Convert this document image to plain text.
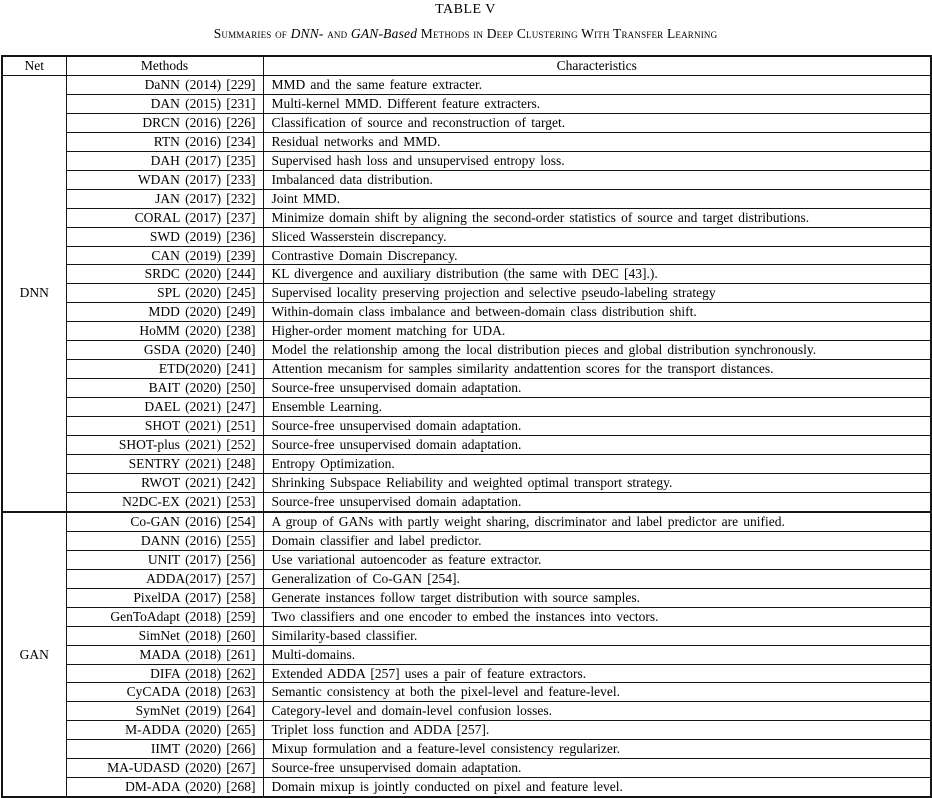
TABLE V
Summaries of DNN- and GAN-Based Methods in Deep Clustering With Transfer Learning
Net	Methods	Characteristics
DNN	DaNN (2014) [229]	MMD and the same feature extracter.
	DAN (2015) [231]	Multi-kernel MMD. Different feature extracters.
	DRCN (2016) [226]	Classification of source and reconstruction of target.
	RTN (2016) [234]	Residual networks and MMD.
	DAH (2017) [235]	Supervised hash loss and unsupervised entropy loss.
	WDAN (2017) [233]	Imbalanced data distribution.
	JAN (2017) [232]	Joint MMD.
	CORAL (2017) [237]	Minimize domain shift by aligning the second-order statistics of source and target distributions.
	SWD (2019) [236]	Sliced Wasserstein discrepancy.
	CAN (2019) [239]	Contrastive Domain Discrepancy.
	SRDC (2020) [244]	KL divergence and auxiliary distribution (the same with DEC [43].).
	SPL (2020) [245]	Supervised locality preserving projection and selective pseudo-labeling strategy
	MDD (2020) [249]	Within-domain class imbalance and between-domain class distribution shift.
	HoMM (2020) [238]	Higher-order moment matching for UDA.
	GSDA (2020) [240]	Model the relationship among the local distribution pieces and global distribution synchronously.
	ETD(2020) [241]	Attention mecanism for samples similarity andattention scores for the transport distances.
	BAIT (2020) [250]	Source-free unsupervised domain adaptation.
	DAEL (2021) [247]	Ensemble Learning.
	SHOT (2021) [251]	Source-free unsupervised domain adaptation.
	SHOT-plus (2021) [252]	Source-free unsupervised domain adaptation.
	SENTRY (2021) [248]	Entropy Optimization.
	RWOT (2021) [242]	Shrinking Subspace Reliability and weighted optimal transport strategy.
	N2DC-EX (2021) [253]	Source-free unsupervised domain adaptation.
GAN	Co-GAN (2016) [254]	A group of GANs with partly weight sharing, discriminator and label predictor are unified.
	DANN (2016) [255]	Domain classifier and label predictor.
	UNIT (2017) [256]	Use variational autoencoder as feature extractor.
	ADDA(2017) [257]	Generalization of Co-GAN [254].
	PixelDA (2017) [258]	Generate instances follow target distribution with source samples.
	GenToAdapt (2018) [259]	Two classifiers and one encoder to embed the instances into vectors.
	SimNet (2018) [260]	Similarity-based classifier.
	MADA (2018) [261]	Multi-domains.
	DIFA (2018) [262]	Extended ADDA [257] uses a pair of feature extractors.
	CyCADA (2018) [263]	Semantic consistency at both the pixel-level and feature-level.
	SymNet (2019) [264]	Category-level and domain-level confusion losses.
	M-ADDA (2020) [265]	Triplet loss function and ADDA [257].
	IIMT (2020) [266]	Mixup formulation and a feature-level consistency regularizer.
	MA-UDASD (2020) [267]	Source-free unsupervised domain adaptation.
	DM-ADA (2020) [268]	Domain mixup is jointly conducted on pixel and feature level.
